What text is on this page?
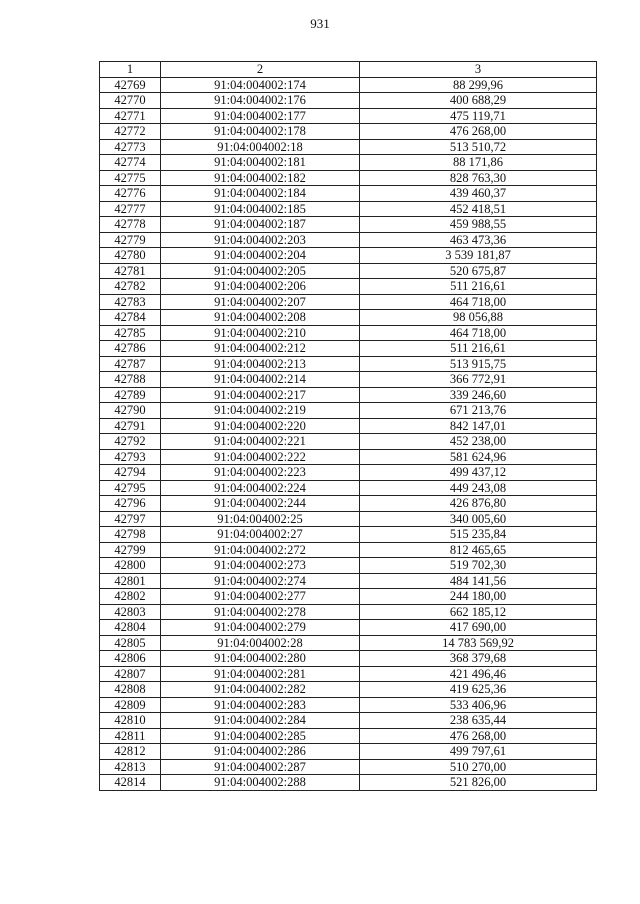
931
1	2	3
42769	91:04:004002:174	88 299,96
42770	91:04:004002:176	400 688,29
42771	91:04:004002:177	475 119,71
42772	91:04:004002:178	476 268,00
42773	91:04:004002:18	513 510,72
42774	91:04:004002:181	88 171,86
42775	91:04:004002:182	828 763,30
42776	91:04:004002:184	439 460,37
42777	91:04:004002:185	452 418,51
42778	91:04:004002:187	459 988,55
42779	91:04:004002:203	463 473,36
42780	91:04:004002:204	3 539 181,87
42781	91:04:004002:205	520 675,87
42782	91:04:004002:206	511 216,61
42783	91:04:004002:207	464 718,00
42784	91:04:004002:208	98 056,88
42785	91:04:004002:210	464 718,00
42786	91:04:004002:212	511 216,61
42787	91:04:004002:213	513 915,75
42788	91:04:004002:214	366 772,91
42789	91:04:004002:217	339 246,60
42790	91:04:004002:219	671 213,76
42791	91:04:004002:220	842 147,01
42792	91:04:004002:221	452 238,00
42793	91:04:004002:222	581 624,96
42794	91:04:004002:223	499 437,12
42795	91:04:004002:224	449 243,08
42796	91:04:004002:244	426 876,80
42797	91:04:004002:25	340 005,60
42798	91:04:004002:27	515 235,84
42799	91:04:004002:272	812 465,65
42800	91:04:004002:273	519 702,30
42801	91:04:004002:274	484 141,56
42802	91:04:004002:277	244 180,00
42803	91:04:004002:278	662 185,12
42804	91:04:004002:279	417 690,00
42805	91:04:004002:28	14 783 569,92
42806	91:04:004002:280	368 379,68
42807	91:04:004002:281	421 496,46
42808	91:04:004002:282	419 625,36
42809	91:04:004002:283	533 406,96
42810	91:04:004002:284	238 635,44
42811	91:04:004002:285	476 268,00
42812	91:04:004002:286	499 797,61
42813	91:04:004002:287	510 270,00
42814	91:04:004002:288	521 826,00
